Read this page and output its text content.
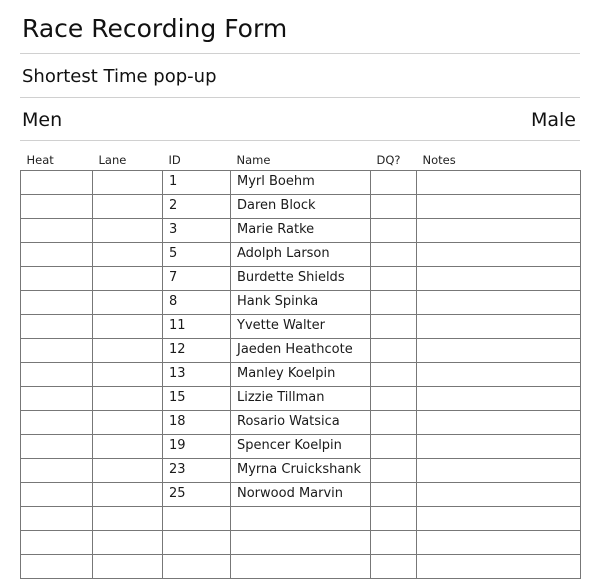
Race Recording Form
Shortest Time pop-up
Men	Male
Heat	Lane	ID	Name	DQ?	Notes
		1	Myrl Boehm		
		2	Daren Block		
		3	Marie Ratke		
		5	Adolph Larson		
		7	Burdette Shields		
		8	Hank Spinka		
		11	Yvette Walter		
		12	Jaeden Heathcote		
		13	Manley Koelpin		
		15	Lizzie Tillman		
		18	Rosario Watsica		
		19	Spencer Koelpin		
		23	Myrna Cruickshank		
		25	Norwood Marvin		
